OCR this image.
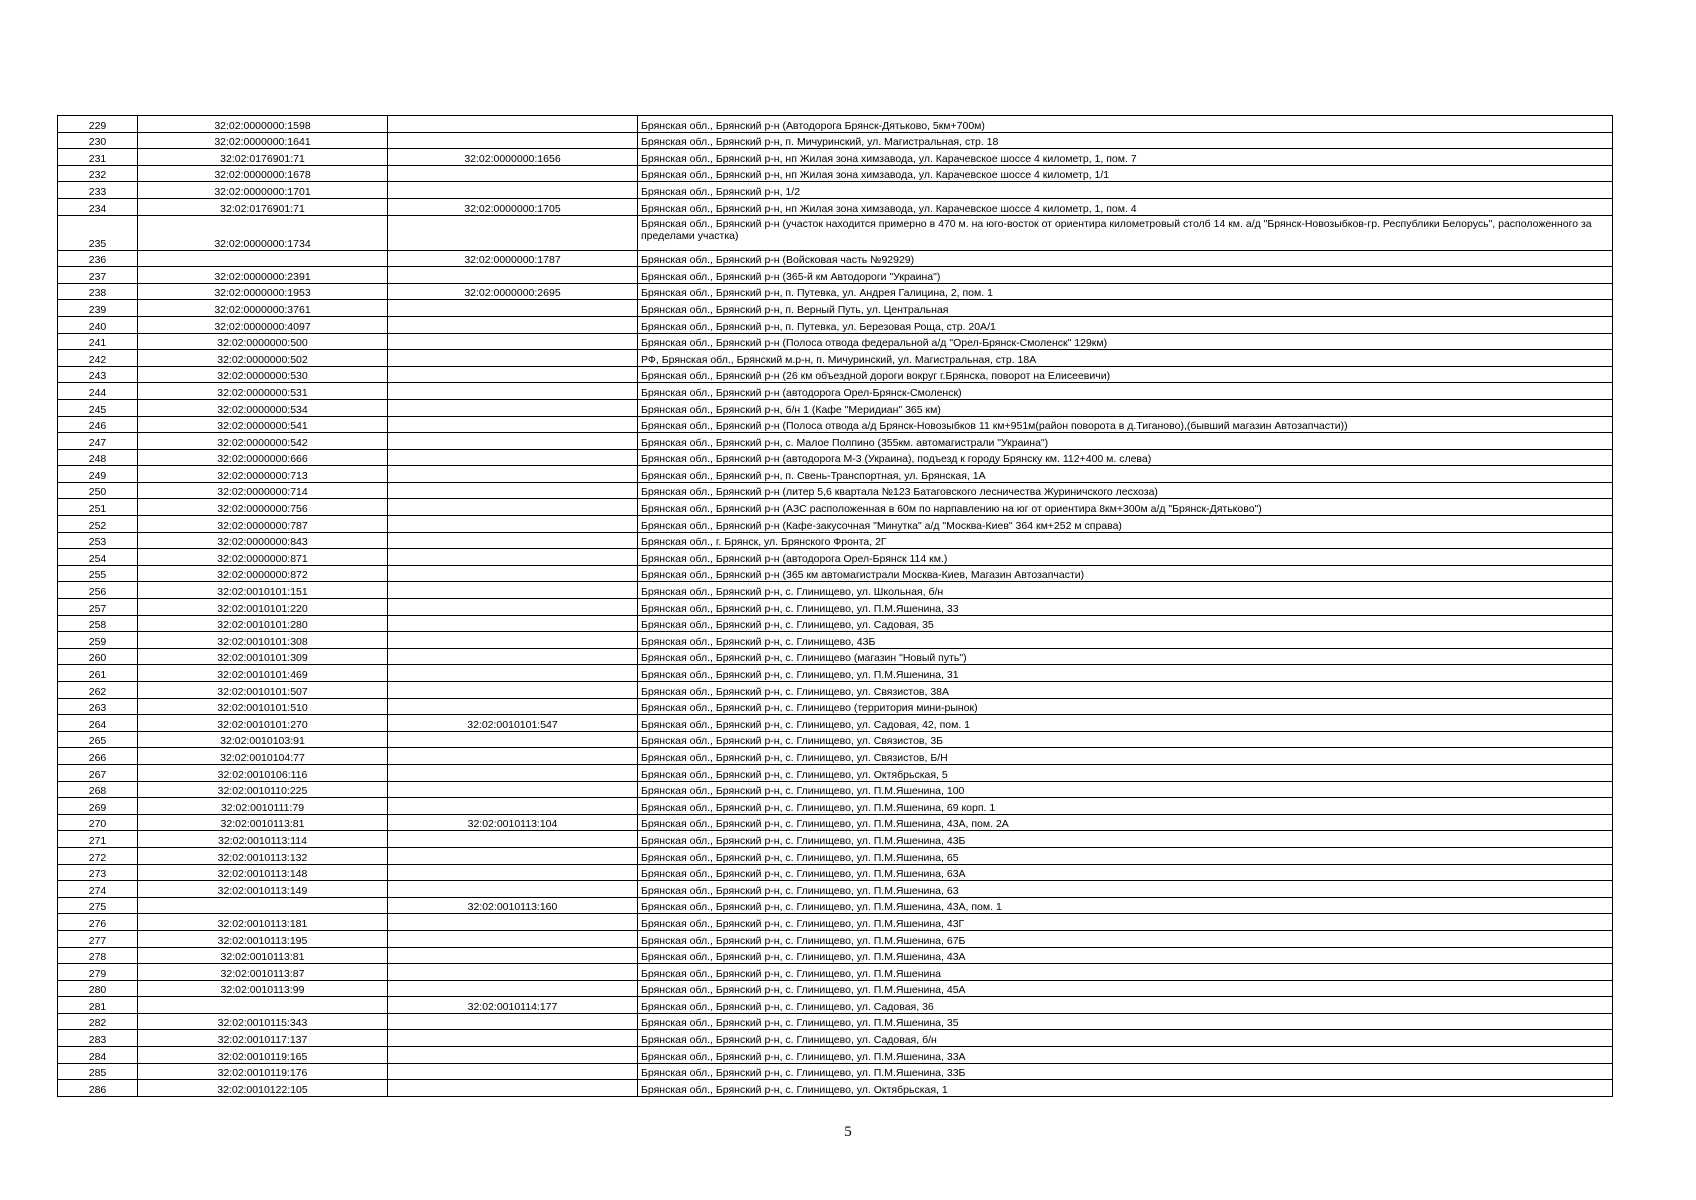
229	32:02:0000000:1598		Брянская обл., Брянский р-н (Автодорога Брянск-Дятьково, 5км+700м)
230	32:02:0000000:1641		Брянская обл., Брянский р-н, п. Мичуринский, ул. Магистральная, стр. 18
231	32:02:0176901:71	32:02:0000000:1656	Брянская обл., Брянский р-н, нп Жилая зона химзавода, ул. Карачевское шоссе 4 километр, 1, пом. 7
232	32:02:0000000:1678		Брянская обл., Брянский р-н, нп Жилая зона химзавода, ул. Карачевское шоссе 4 километр, 1/1
233	32:02:0000000:1701		Брянская обл., Брянский р-н, 1/2
234	32:02:0176901:71	32:02:0000000:1705	Брянская обл., Брянский р-н, нп Жилая зона химзавода, ул. Карачевское шоссе 4 километр, 1, пом. 4
235	32:02:0000000:1734		Брянская обл., Брянский р-н (участок находится примерно в 470 м. на юго-восток от ориентира километровый столб 14 км. а/д "Брянск-Новозыбков-гр. Республики Белорусь", расположенного за пределами участка)
236		32:02:0000000:1787	Брянская обл., Брянский р-н (Войсковая часть №92929)
237	32:02:0000000:2391		Брянская обл., Брянский р-н (365-й км Автодороги "Украина")
238	32:02:0000000:1953	32:02:0000000:2695	Брянская обл., Брянский р-н, п. Путевка, ул. Андрея Галицина, 2, пом. 1
239	32:02:0000000:3761		Брянская обл., Брянский р-н, п. Верный Путь, ул. Центральная
240	32:02:0000000:4097		Брянская обл., Брянский р-н, п. Путевка, ул. Березовая Роща, стр. 20А/1
241	32:02:0000000:500		Брянская обл., Брянский р-н (Полоса отвода федеральной а/д "Орел-Брянск-Смоленск" 129км)
242	32:02:0000000:502		РФ, Брянская обл., Брянский м.р-н, п. Мичуринский, ул. Магистральная, стр. 18А
243	32:02:0000000:530		Брянская обл., Брянский р-н (26 км объездной дороги вокруг г.Брянска, поворот на Елисеевичи)
244	32:02:0000000:531		Брянская обл., Брянский р-н (автодорога Орел-Брянск-Смоленск)
245	32:02:0000000:534		Брянская обл., Брянский р-н, б/н 1 (Кафе "Меридиан" 365 км)
246	32:02:0000000:541		Брянская обл., Брянский р-н (Полоса отвода а/д Брянск-Новозыбков 11 км+951м(район поворота в д.Тиганово),(бывший магазин Автозапчасти))
247	32:02:0000000:542		Брянская обл., Брянский р-н, с. Малое Полпино (355км. автомагистрали "Украина")
248	32:02:0000000:666		Брянская обл., Брянский р-н (автодорога М-3 (Украина), подъезд к городу Брянску км. 112+400 м. слева)
249	32:02:0000000:713		Брянская обл., Брянский р-н, п. Свень-Транспортная, ул. Брянская, 1А
250	32:02:0000000:714		Брянская обл., Брянский р-н (литер 5,6 квартала №123 Батаговского лесничества Журиничского лесхоза)
251	32:02:0000000:756		Брянская обл., Брянский р-н (АЗС расположенная в 60м по нарпавлению на юг от ориентира 8км+300м а/д "Брянск-Дятьково")
252	32:02:0000000:787		Брянская обл., Брянский р-н (Кафе-закусочная "Минутка" а/д "Москва-Киев" 364 км+252 м справа)
253	32:02:0000000:843		Брянская обл., г. Брянск, ул. Брянского Фронта, 2Г
254	32:02:0000000:871		Брянская обл., Брянский р-н (автодорога Орел-Брянск 114 км.)
255	32:02:0000000:872		Брянская обл., Брянский р-н (365 км автомагистрали Москва-Киев, Магазин Автозапчасти)
256	32:02:0010101:151		Брянская обл., Брянский р-н, с. Глинищево, ул. Школьная, б/н
257	32:02:0010101:220		Брянская обл., Брянский р-н, с. Глинищево, ул. П.М.Яшенина, 33
258	32:02:0010101:280		Брянская обл., Брянский р-н, с. Глинищево, ул. Садовая, 35
259	32:02:0010101:308		Брянская обл., Брянский р-н, с. Глинищево, 43Б
260	32:02:0010101:309		Брянская обл., Брянский р-н, с. Глинищево (магазин "Новый путь")
261	32:02:0010101:469		Брянская обл., Брянский р-н, с. Глинищево, ул. П.М.Яшенина, 31
262	32:02:0010101:507		Брянская обл., Брянский р-н, с. Глинищево, ул. Связистов, 38А
263	32:02:0010101:510		Брянская обл., Брянский р-н, с. Глинищево (территория мини-рынок)
264	32:02:0010101:270	32:02:0010101:547	Брянская обл., Брянский р-н, с. Глинищево, ул. Садовая, 42, пом. 1
265	32:02:0010103:91		Брянская обл., Брянский р-н, с. Глинищево, ул. Связистов, 3Б
266	32:02:0010104:77		Брянская обл., Брянский р-н, с. Глинищево, ул. Связистов, Б/Н
267	32:02:0010106:116		Брянская обл., Брянский р-н, с. Глинищево, ул. Октябрьская, 5
268	32:02:0010110:225		Брянская обл., Брянский р-н, с. Глинищево, ул. П.М.Яшенина, 100
269	32:02:0010111:79		Брянская обл., Брянский р-н, с. Глинищево, ул. П.М.Яшенина, 69 корп. 1
270	32:02:0010113:81	32:02:0010113:104	Брянская обл., Брянский р-н, с. Глинищево, ул. П.М.Яшенина, 43А, пом. 2А
271	32:02:0010113:114		Брянская обл., Брянский р-н, с. Глинищево, ул. П.М.Яшенина, 43Б
272	32:02:0010113:132		Брянская обл., Брянский р-н, с. Глинищево, ул. П.М.Яшенина, 65
273	32:02:0010113:148		Брянская обл., Брянский р-н, с. Глинищево, ул. П.М.Яшенина, 63А
274	32:02:0010113:149		Брянская обл., Брянский р-н, с. Глинищево, ул. П.М.Яшенина, 63
275		32:02:0010113:160	Брянская обл., Брянский р-н, с. Глинищево, ул. П.М.Яшенина, 43А, пом. 1
276	32:02:0010113:181		Брянская обл., Брянский р-н, с. Глинищево, ул. П.М.Яшенина, 43Г
277	32:02:0010113:195		Брянская обл., Брянский р-н, с. Глинищево, ул. П.М.Яшенина, 67Б
278	32:02:0010113:81		Брянская обл., Брянский р-н, с. Глинищево, ул. П.М.Яшенина, 43А
279	32:02:0010113:87		Брянская обл., Брянский р-н, с. Глинищево, ул. П.М.Яшенина
280	32:02:0010113:99		Брянская обл., Брянский р-н, с. Глинищево, ул. П.М.Яшенина, 45А
281		32:02:0010114:177	Брянская обл., Брянский р-н, с. Глинищево, ул. Садовая, 36
282	32:02:0010115:343		Брянская обл., Брянский р-н, с. Глинищево, ул. П.М.Яшенина, 35
283	32:02:0010117:137		Брянская обл., Брянский р-н, с. Глинищево, ул. Садовая, б/н
284	32:02:0010119:165		Брянская обл., Брянский р-н, с. Глинищево, ул. П.М.Яшенина, 33А
285	32:02:0010119:176		Брянская обл., Брянский р-н, с. Глинищево, ул. П.М.Яшенина, 33Б
286	32:02:0010122:105		Брянская обл., Брянский р-н, с. Глинищево, ул. Октябрьская, 1
5
